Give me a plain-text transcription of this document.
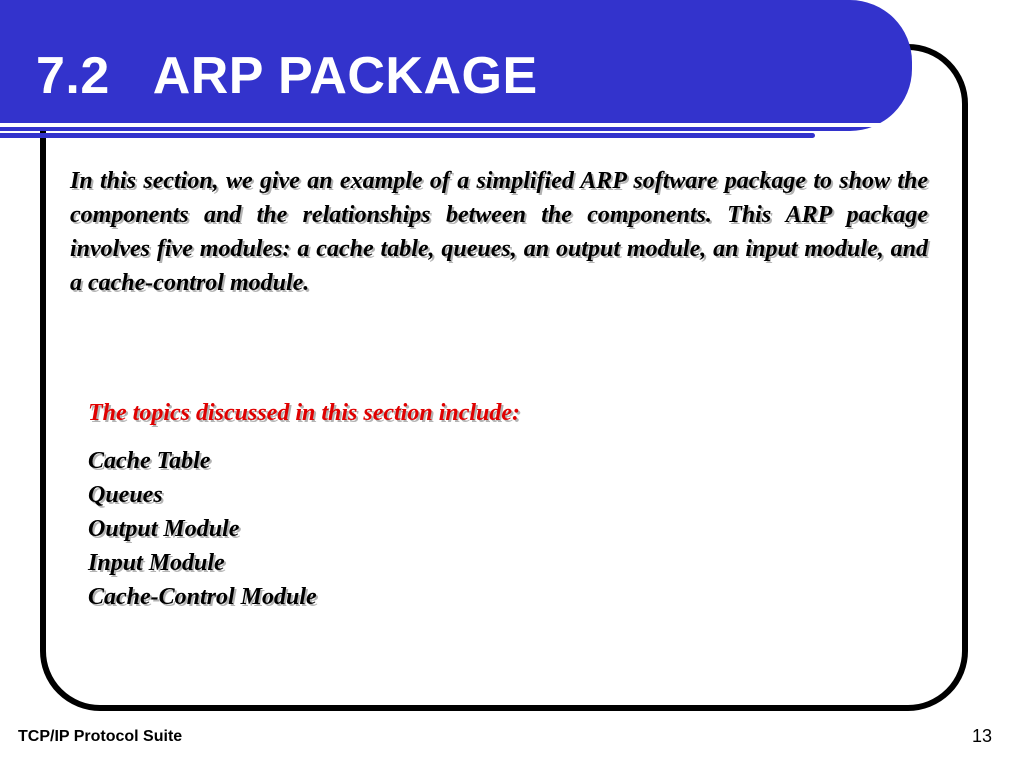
7.2   ARP PACKAGE

In this section, we give an example of a simplified ARP software package to show the components and the relationships between the components. This ARP package involves five modules: a cache table, queues, an output module, an input module, and a cache-control module.

The topics discussed in this section include:

Cache Table
Queues
Output Module
Input Module
Cache-Control Module
TCP/IP Protocol Suite	13
